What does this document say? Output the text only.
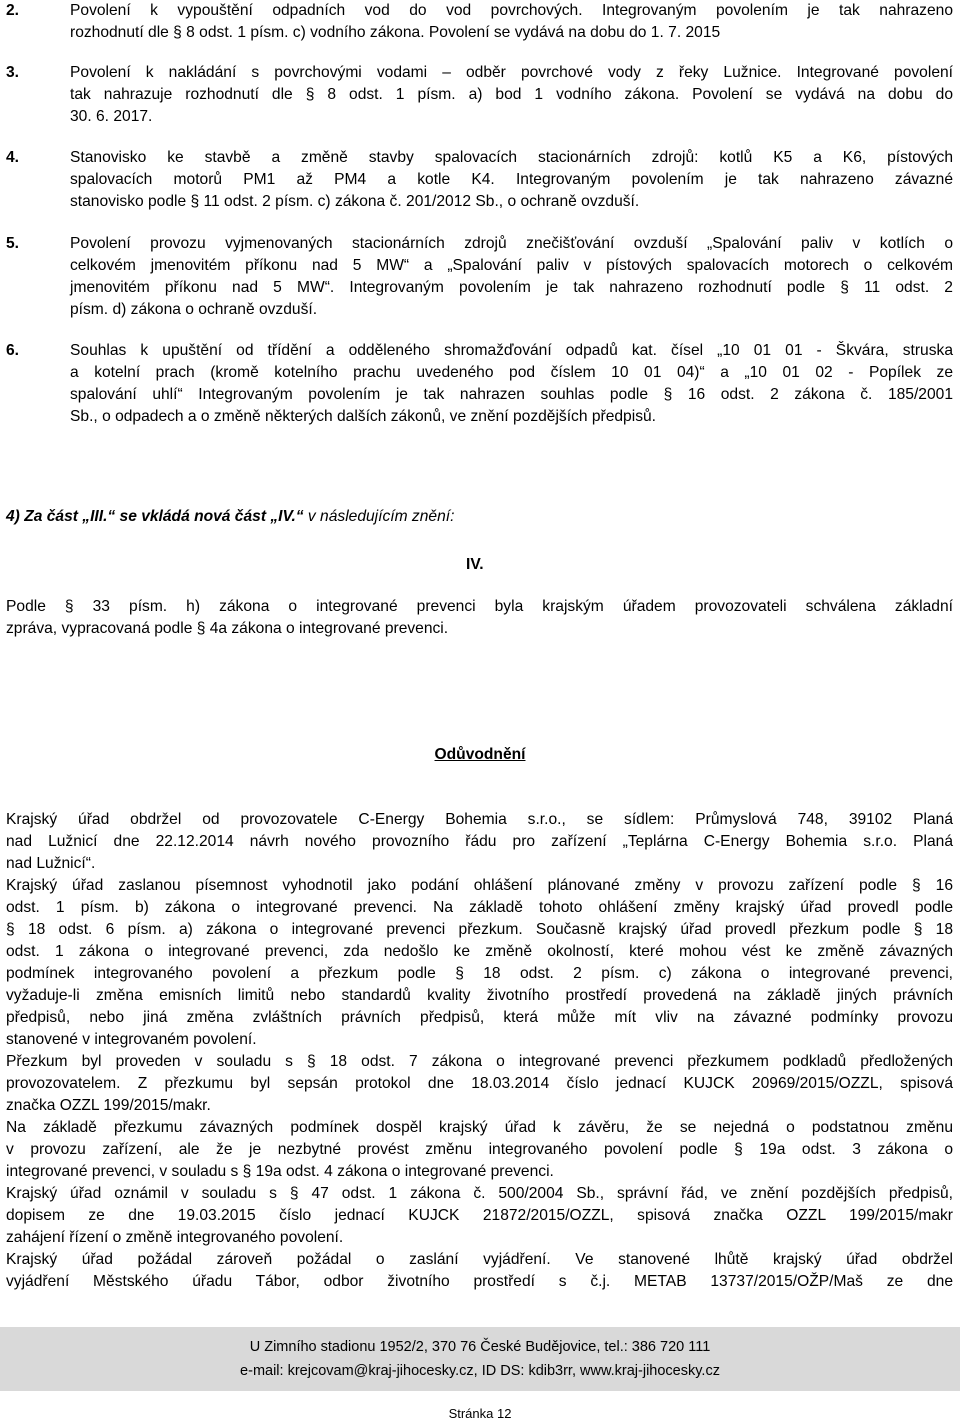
2.	Povolení k vypouštění odpadních vod do vod povrchových. Integrovaným povolením je tak nahrazeno
rozhodnutí dle § 8 odst. 1 písm. c) vodního zákona. Povolení se vydává na dobu do 1. 7. 2015
3.	Povolení k nakládání s povrchovými vodami – odběr povrchové vody z řeky Lužnice. Integrované povolení
tak nahrazuje rozhodnutí dle § 8 odst. 1 písm. a) bod 1 vodního zákona. Povolení se vydává na dobu do
30. 6. 2017.
4.	Stanovisko ke stavbě a změně stavby spalovacích stacionárních zdrojů: kotlů K5 a K6, pístových
spalovacích motorů PM1 až PM4 a kotle K4. Integrovaným povolením je tak nahrazeno závazné
stanovisko podle § 11 odst. 2 písm. c) zákona č. 201/2012 Sb., o ochraně ovzduší.
5.	Povolení provozu vyjmenovaných stacionárních zdrojů znečišťování ovzduší „Spalování paliv v kotlích o
celkovém jmenovitém příkonu nad 5 MW“ a „Spalování paliv v pístových spalovacích motorech o celkovém
jmenovitém příkonu nad 5 MW“. Integrovaným povolením je tak nahrazeno rozhodnutí podle § 11 odst. 2
písm. d) zákona o ochraně ovzduší.
6.	Souhlas k upuštění od třídění a odděleného shromažďování odpadů kat. čísel „10 01 01 - Škvára, struska
a kotelní prach (kromě kotelního prachu uvedeného pod číslem 10 01 04)“ a „10 01 02 - Popílek ze
spalování uhlí“ Integrovaným povolením je tak nahrazen souhlas podle § 16 odst. 2 zákona č. 185/2001
Sb., o odpadech a o změně některých dalších zákonů, ve znění pozdějších předpisů.
4) Za část „III.“ se vkládá nová část „IV.“ v následujícím znění:
IV.
Podle § 33 písm. h) zákona o integrované prevenci byla krajským úřadem provozovateli schválena základní
zpráva, vypracovaná podle § 4a zákona o integrované prevenci.
Odůvodnění
Krajský úřad obdržel od provozovatele C-Energy Bohemia s.r.o., se sídlem: Průmyslová 748, 39102 Planá
nad Lužnicí dne 22.12.2014 návrh nového provozního řádu pro zařízení „Teplárna C-Energy Bohemia s.r.o. Planá
nad Lužnicí“.
Krajský úřad zaslanou písemnost vyhodnotil jako podání ohlášení plánované změny v provozu zařízení podle § 16
odst. 1 písm. b) zákona o integrované prevenci. Na základě tohoto ohlášení změny krajský úřad provedl podle
§ 18 odst. 6 písm. a) zákona o integrované prevenci přezkum. Současně krajský úřad provedl přezkum podle § 18
odst. 1 zákona o integrované prevenci, zda nedošlo ke změně okolností, které mohou vést ke změně závazných
podmínek integrovaného povolení a přezkum podle § 18 odst. 2 písm. c) zákona o integrované prevenci,
vyžaduje-li změna emisních limitů nebo standardů kvality životního prostředí provedená na základě jiných právních
předpisů, nebo jiná změna zvláštních právních předpisů, která může mít vliv na závazné podmínky provozu
stanovené v integrovaném povolení.
Přezkum byl proveden v souladu s § 18 odst. 7 zákona o integrované prevenci přezkumem podkladů předložených
provozovatelem. Z přezkumu byl sepsán protokol dne 18.03.2014 číslo jednací KUJCK 20969/2015/OZZL, spisová
značka OZZL 199/2015/makr.
Na základě přezkumu závazných podmínek dospěl krajský úřad k závěru, že se nejedná o podstatnou změnu
v provozu zařízení, ale že je nezbytné provést změnu integrovaného povolení podle § 19a odst. 3 zákona o
integrované prevenci, v souladu s § 19a odst. 4 zákona o integrované prevenci.
Krajský úřad oznámil v souladu s § 47 odst. 1 zákona č. 500/2004 Sb., správní řád, ve znění pozdějších předpisů,
dopisem ze dne 19.03.2015 číslo jednací KUJCK 21872/2015/OZZL, spisová značka OZZL 199/2015/makr
zahájení řízení o změně integrovaného povolení.
Krajský úřad požádal zároveň požádal o zaslání vyjádření. Ve stanovené lhůtě krajský úřad obdržel
vyjádření Městského úřadu Tábor, odbor životního prostředí s č.j. METAB 13737/2015/OŽP/Maš ze dne
U Zimního stadionu 1952/2, 370 76 České Budějovice, tel.: 386 720 111
e-mail: krejcovam@kraj-jihocesky.cz, ID DS: kdib3rr, www.kraj-jihocesky.cz
Stránka 12
